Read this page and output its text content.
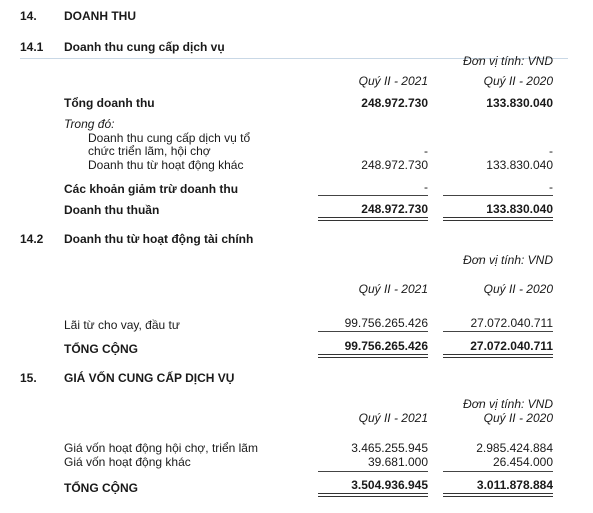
14. DOANH THU
14.1 Doanh thu cung cấp dịch vụ
Đơn vị tính: VND
Quý II - 2021	Quý II - 2020
Tổng doanh thu	248.972.730	133.830.040
Trong đó:
Doanh thu cung cấp dịch vụ tổ
chức triển lãm, hội chợ	-	-
Doanh thu từ hoạt động khác	248.972.730	133.830.040
Các khoản giảm trừ doanh thu	-	-
Doanh thu thuần	248.972.730	133.830.040
14.2 Doanh thu từ hoạt động tài chính
Đơn vị tính: VND
Quý II - 2021	Quý II - 2020
Lãi từ cho vay, đầu tư	99.756.265.426	27.072.040.711
TỔNG CỘNG	99.756.265.426	27.072.040.711
15. GIÁ VỐN CUNG CẤP DỊCH VỤ
Đơn vị tính: VND
Quý II - 2021	Quý II - 2020
Giá vốn hoạt động hội chợ, triển lãm	3.465.255.945	2.985.424.884
Giá vốn hoạt động khác	39.681.000	26.454.000
TỔNG CỘNG	3.504.936.945	3.011.878.884
